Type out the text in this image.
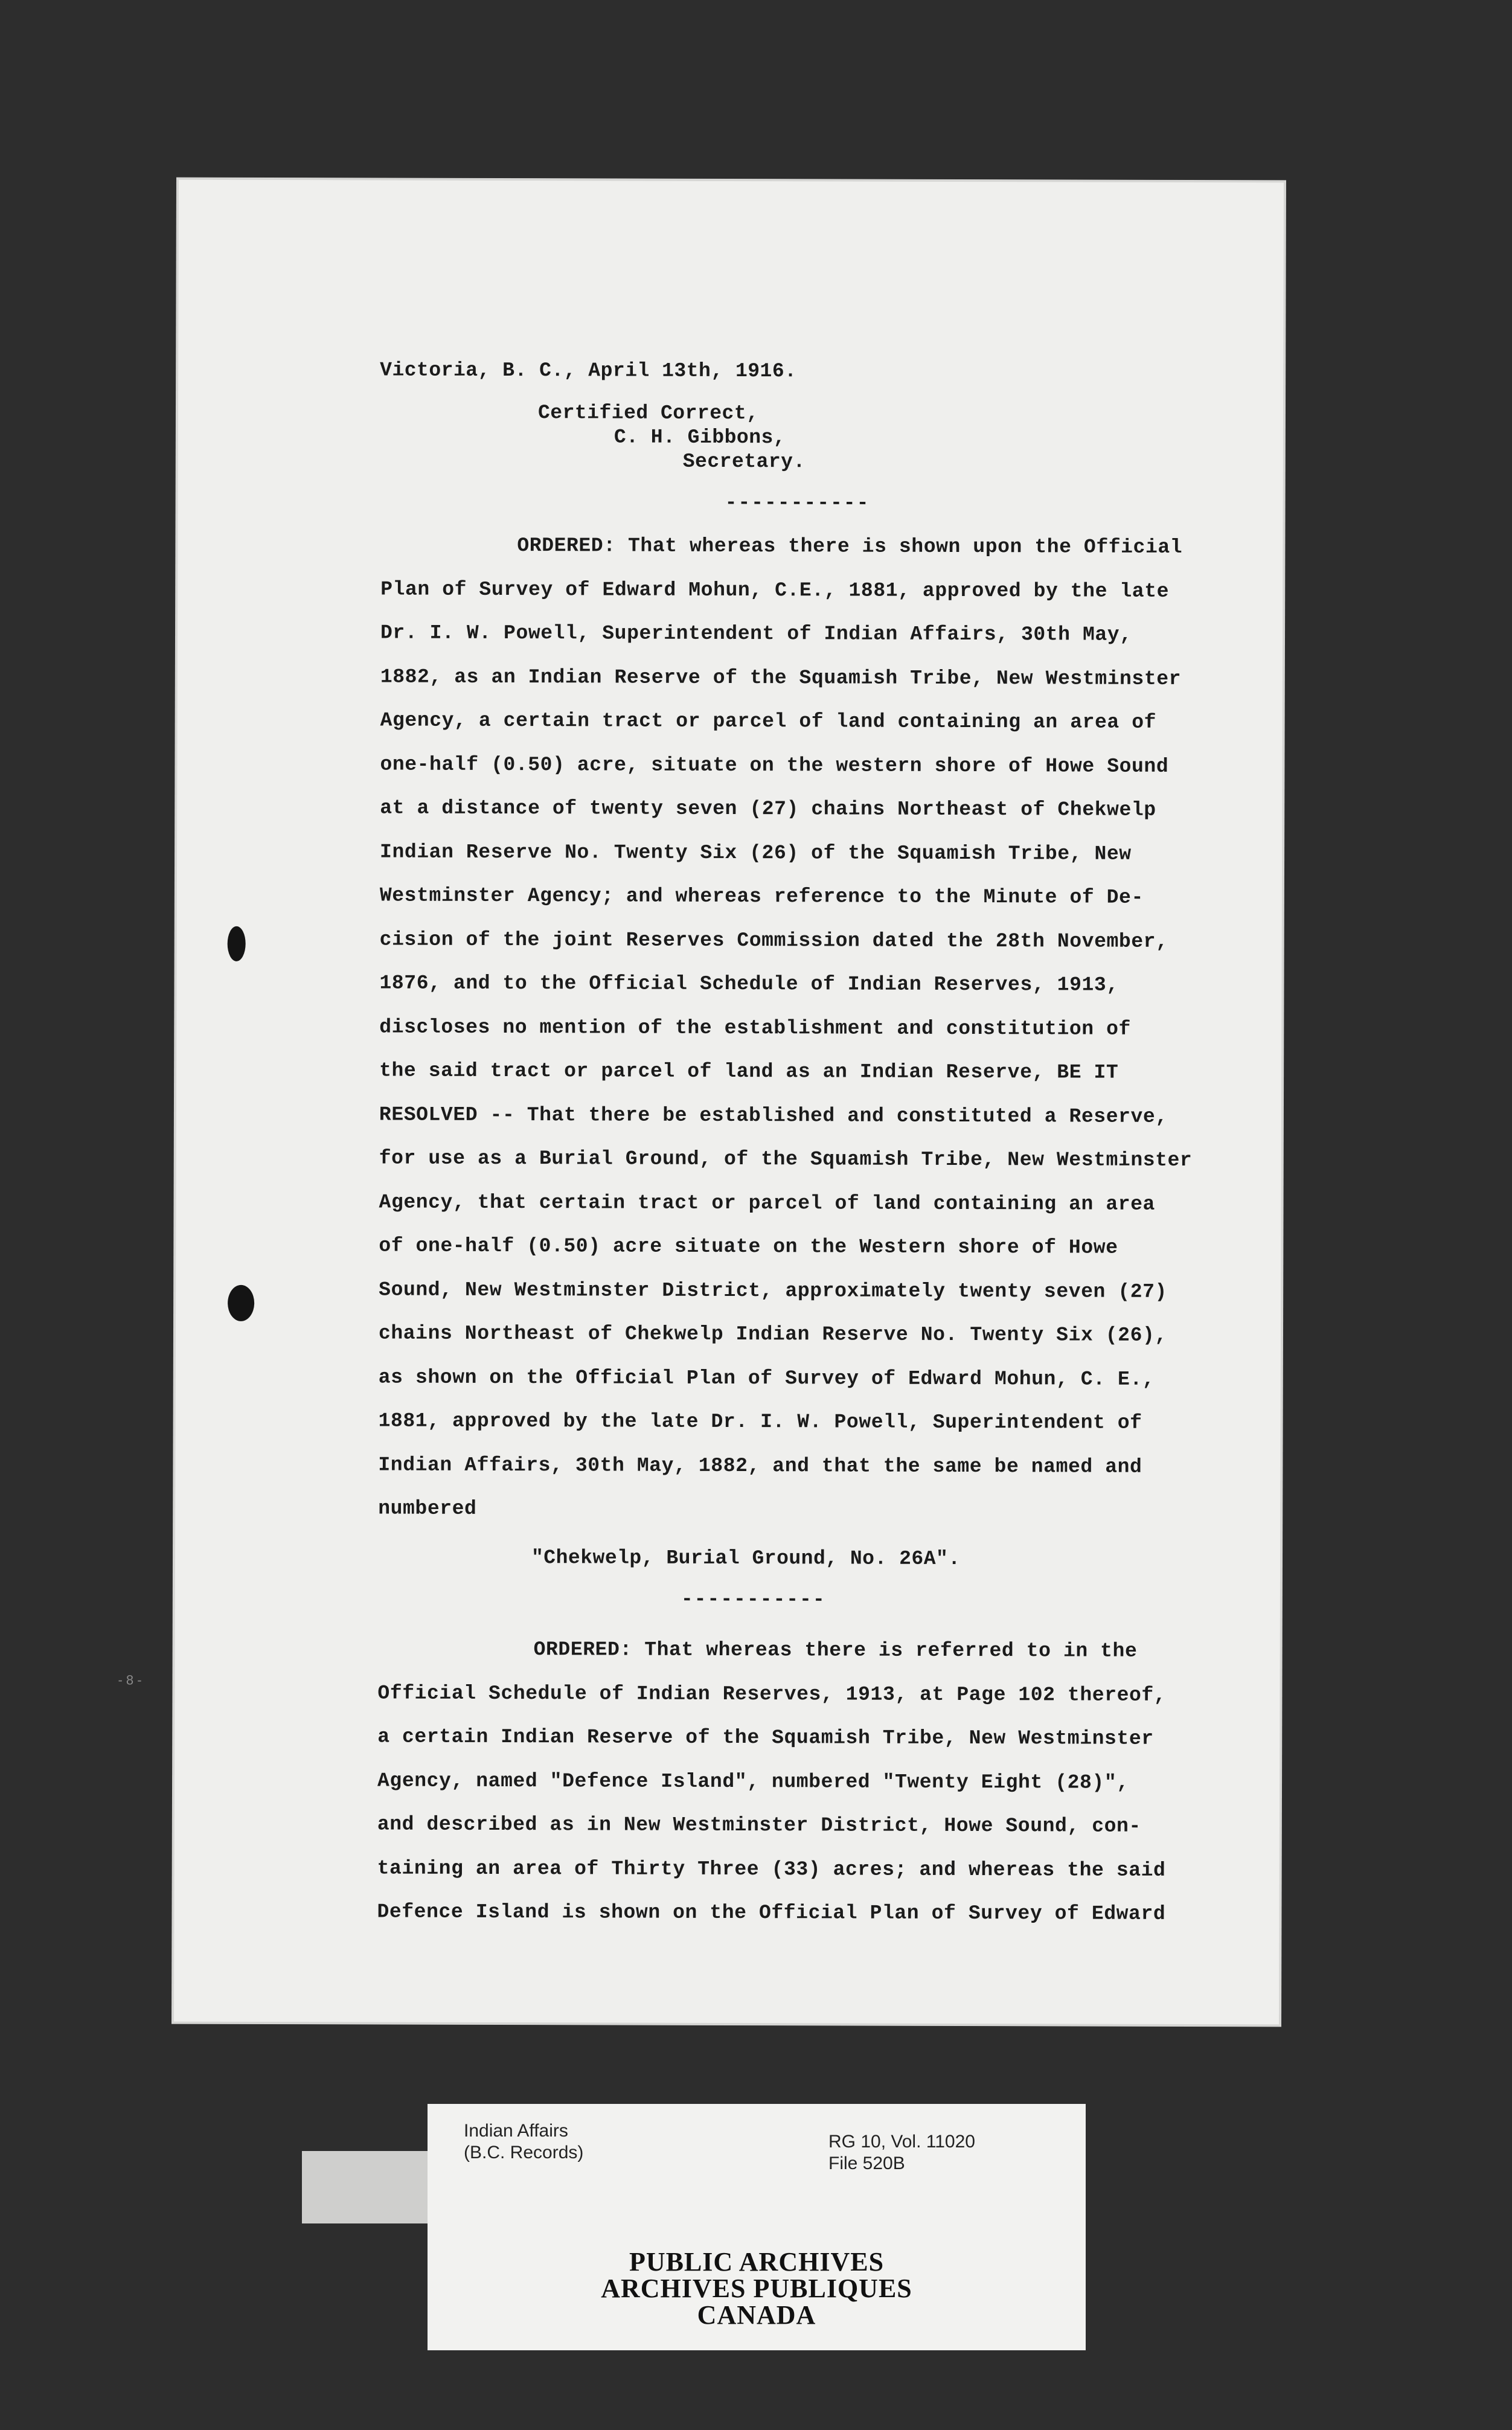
Victoria, B. C., April 13th, 1916.
Certified Correct,
C. H. Gibbons,
Secretary.
-----------
ORDERED: That whereas there is shown upon the Official
Plan of Survey of Edward Mohun, C.E., 1881, approved by the late
Dr. I. W. Powell, Superintendent of Indian Affairs, 30th May,
1882, as an Indian Reserve of the Squamish Tribe, New Westminster
Agency, a certain tract or parcel of land containing an area of
one-half (0.50) acre, situate on the western shore of Howe Sound
at a distance of twenty seven (27) chains Northeast of Chekwelp
Indian Reserve No. Twenty Six (26) of the Squamish Tribe, New
Westminster Agency; and whereas reference to the Minute of De-
cision of the joint Reserves Commission dated the 28th November,
1876, and to the Official Schedule of Indian Reserves, 1913,
discloses no mention of the establishment and constitution of
the said tract or parcel of land as an Indian Reserve, BE IT
RESOLVED -- That there be established and constituted a Reserve,
for use as a Burial Ground, of the Squamish Tribe, New Westminster
Agency, that certain tract or parcel of land containing an area
of one-half (0.50) acre situate on the Western shore of Howe
Sound, New Westminster District, approximately twenty seven (27)
chains Northeast of Chekwelp Indian Reserve No. Twenty Six (26),
as shown on the Official Plan of Survey of Edward Mohun, C. E.,
1881, approved by the late Dr. I. W. Powell, Superintendent of
Indian Affairs, 30th May, 1882, and that the same be named and
numbered
"Chekwelp, Burial Ground, No. 26A".
-----------
ORDERED: That whereas there is referred to in the
Official Schedule of Indian Reserves, 1913, at Page 102 thereof,
a certain Indian Reserve of the Squamish Tribe, New Westminster
Agency, named "Defence Island", numbered "Twenty Eight (28)",
and described as in New Westminster District, Howe Sound, con-
taining an area of Thirty Three (33) acres; and whereas the said
Defence Island is shown on the Official Plan of Survey of Edward
- 8 -
Indian Affairs
(B.C. Records)
RG 10, Vol. 11020
File 520B
PUBLIC ARCHIVES
ARCHIVES PUBLIQUES
CANADA
